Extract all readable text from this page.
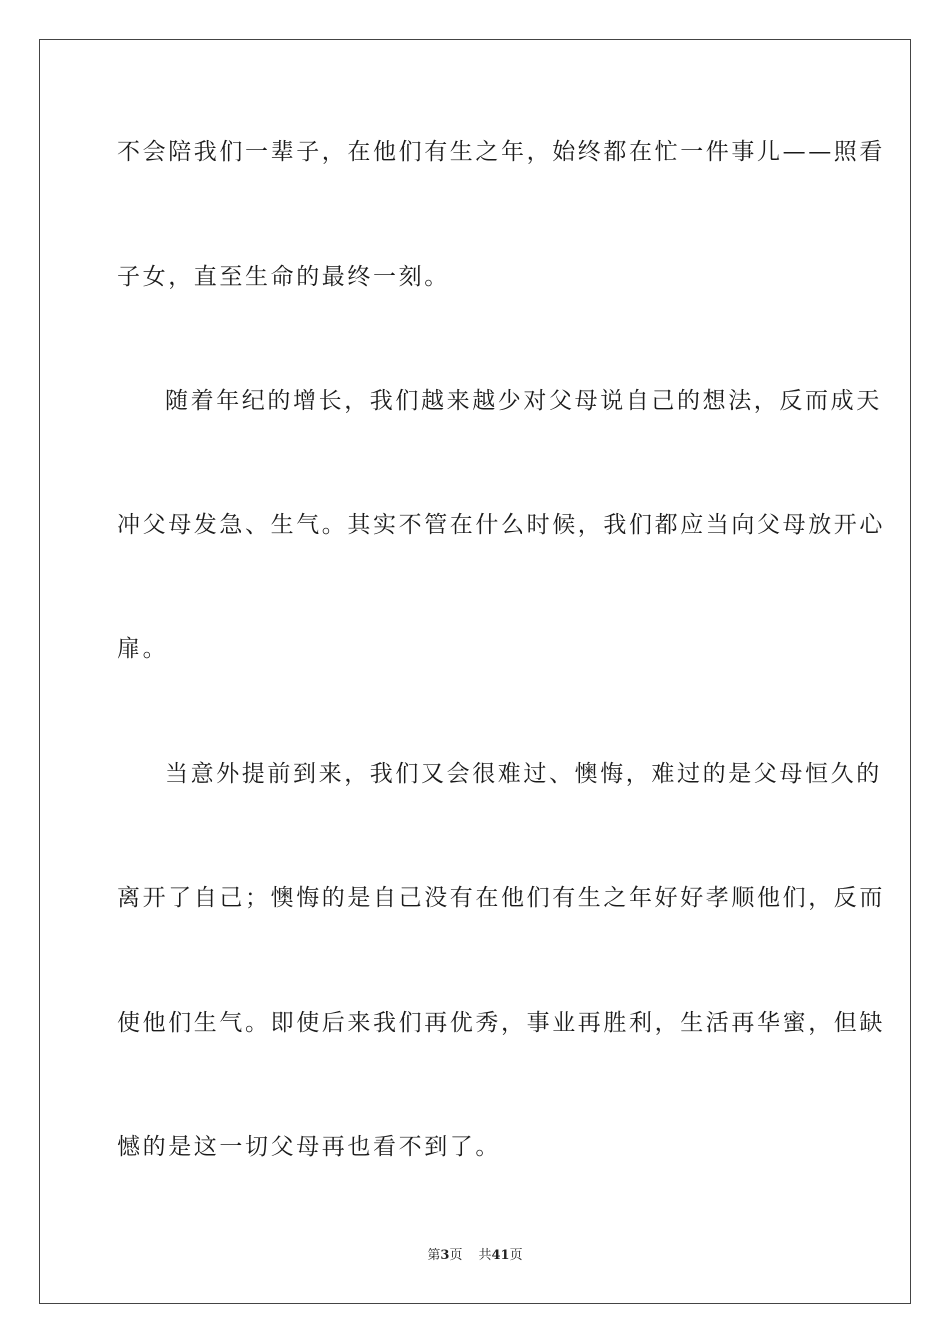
不会陪我们一辈子，在他们有生之年，始终都在忙一件事儿——照看
子女，直至生命的最终一刻。
随着年纪的增长，我们越来越少对父母说自己的想法，反而成天
冲父母发急、生气。其实不管在什么时候，我们都应当向父母放开心
扉。
当意外提前到来，我们又会很难过、懊悔，难过的是父母恒久的
离开了自己；懊悔的是自己没有在他们有生之年好好孝顺他们，反而
使他们生气。即使后来我们再优秀，事业再胜利，生活再华蜜，但缺
憾的是这一切父母再也看不到了。
第3页 共41页
